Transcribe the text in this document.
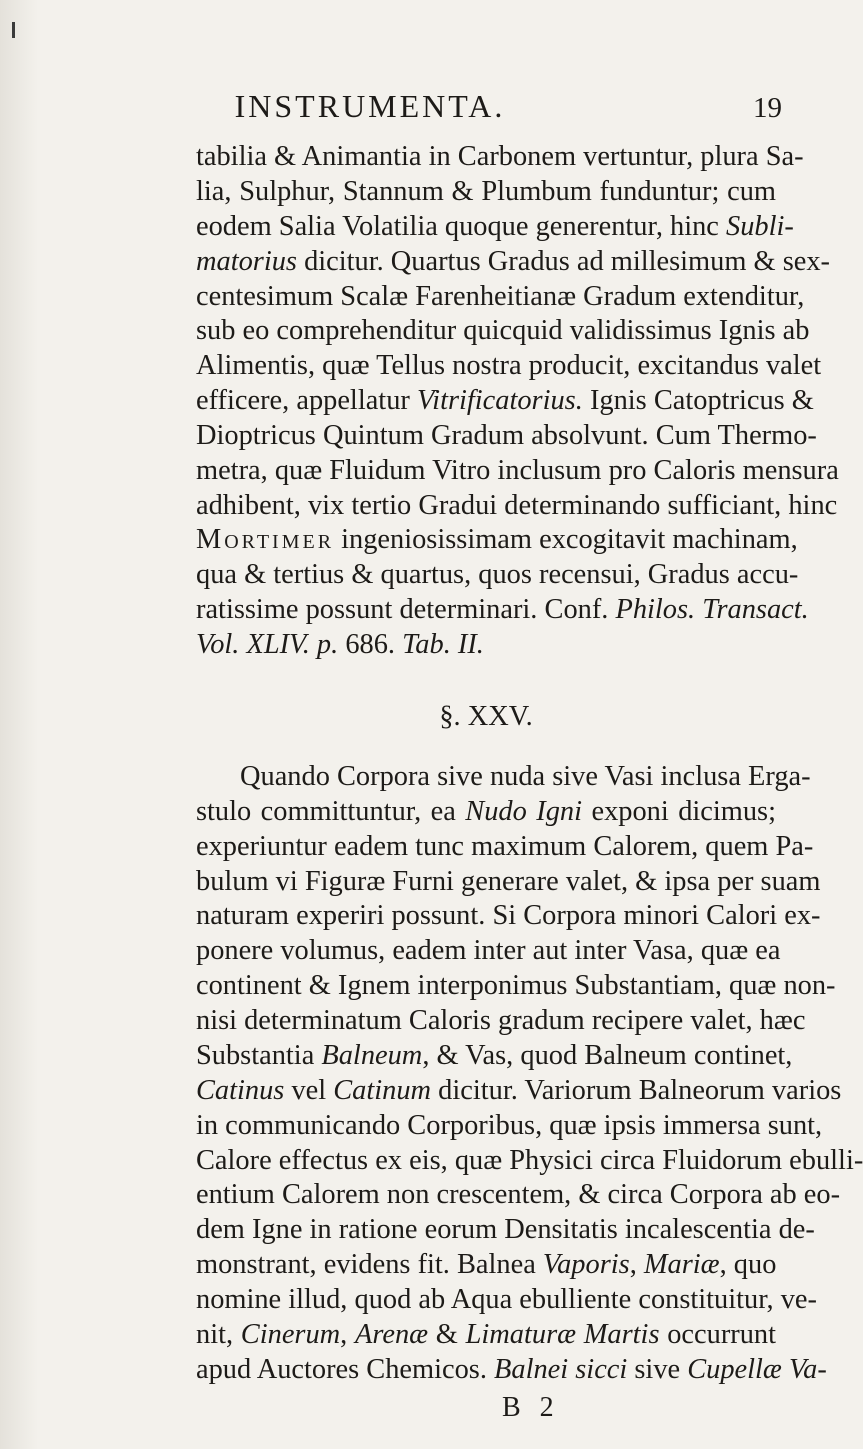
INSTRUMENTA.	19
tabilia & Animantia in Carbonem vertuntur, plura Sa-
lia, Sulphur, Stannum & Plumbum funduntur; cum
eodem Salia Volatilia quoque generentur, hinc Subli-
matorius dicitur. Quartus Gradus ad millesimum & sex-
centesimum Scalæ Farenheitianæ Gradum extenditur,
sub eo comprehenditur quicquid validissimus Ignis ab
Alimentis, quæ Tellus nostra producit, excitandus valet
efficere, appellatur Vitrificatorius. Ignis Catoptricus &
Dioptricus Quintum Gradum absolvunt. Cum Thermo-
metra, quæ Fluidum Vitro inclusum pro Caloris mensura
adhibent, vix tertio Gradui determinando sufficiant, hinc
Mortimer ingeniosissimam excogitavit machinam,
qua & tertius & quartus, quos recensui, Gradus accu-
ratissime possunt determinari. Conf. Philos. Transact.
Vol. XLIV. p. 686. Tab. II.
§. XXV.
Quando Corpora sive nuda sive Vasi inclusa Erga-
stulo committuntur, ea Nudo Igni exponi dicimus;
experiuntur eadem tunc maximum Calorem, quem Pa-
bulum vi Figuræ Furni generare valet, & ipsa per suam
naturam experiri possunt. Si Corpora minori Calori ex-
ponere volumus, eadem inter aut inter Vasa, quæ ea
continent & Ignem interponimus Substantiam, quæ non-
nisi determinatum Caloris gradum recipere valet, hæc
Substantia Balneum, & Vas, quod Balneum continet,
Catinus vel Catinum dicitur. Variorum Balneorum varios
in communicando Corporibus, quæ ipsis immersa sunt,
Calore effectus ex eis, quæ Physici circa Fluidorum ebulli-
entium Calorem non crescentem, & circa Corpora ab eo-
dem Igne in ratione eorum Densitatis incalescentia de-
monstrant, evidens fit. Balnea Vaporis, Mariæ, quo
nomine illud, quod ab Aqua ebulliente constituitur, ve-
nit, Cinerum, Arenæ & Limaturæ Martis occurrunt
apud Auctores Chemicos. Balnei sicci sive Cupellæ Va-
B 2
